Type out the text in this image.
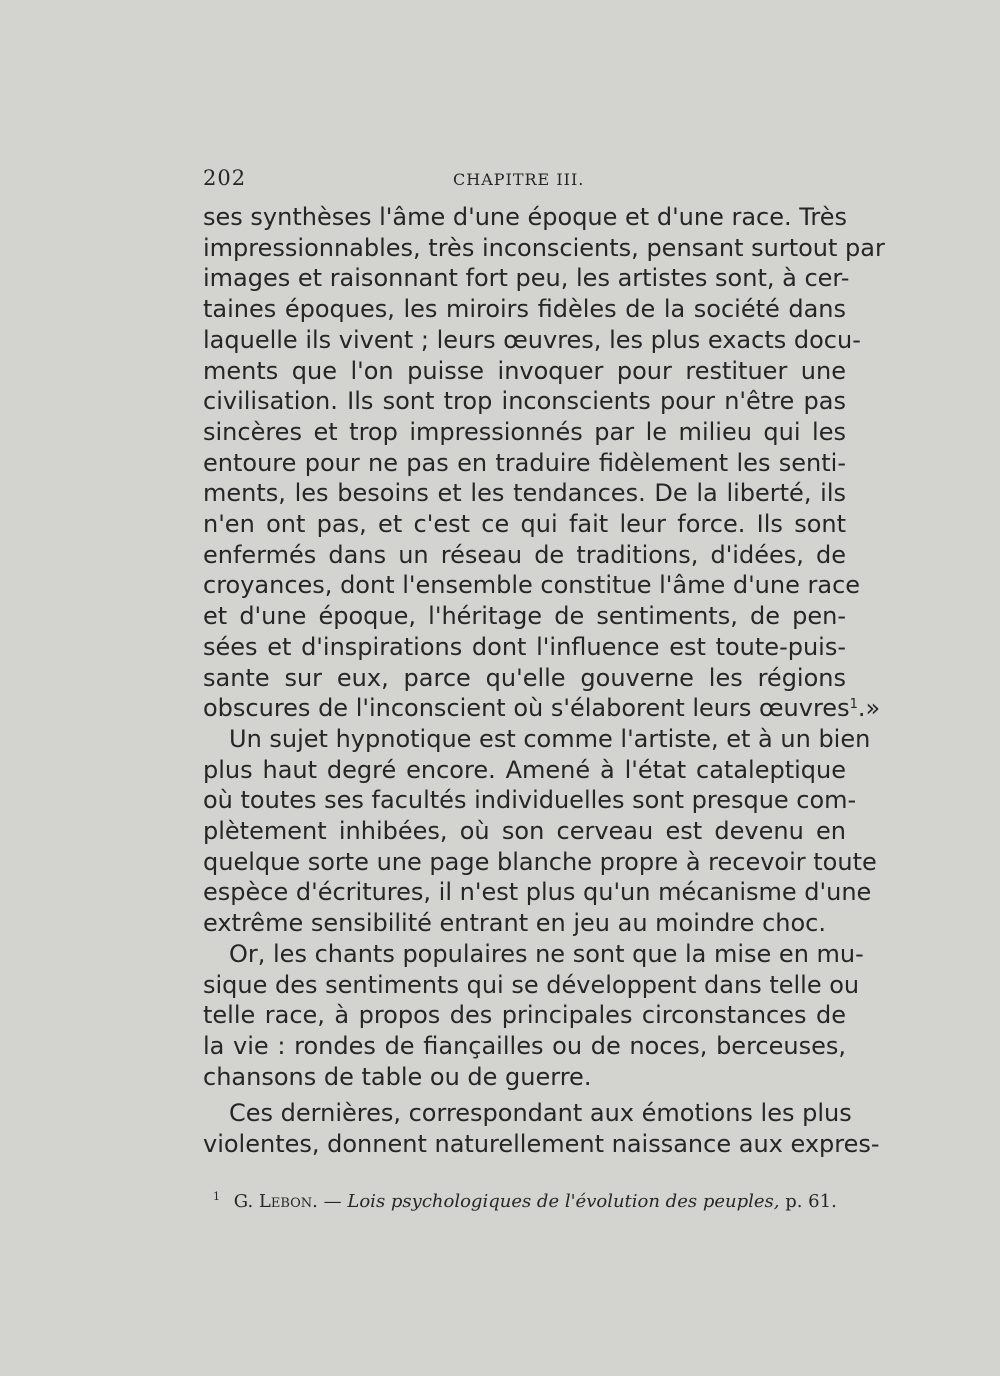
202	CHAPITRE III.
ses synthèses l'âme d'une époque et d'une race. Très
impressionnables, très inconscients, pensant surtout par
images et raisonnant fort peu, les artistes sont, à cer-
taines époques, les miroirs fidèles de la société dans
laquelle ils vivent ; leurs œuvres, les plus exacts docu-
ments que l'on puisse invoquer pour restituer une
civilisation. Ils sont trop inconscients pour n'être pas
sincères et trop impressionnés par le milieu qui les
entoure pour ne pas en traduire fidèlement les senti-
ments, les besoins et les tendances. De la liberté, ils
n'en ont pas, et c'est ce qui fait leur force. Ils sont
enfermés dans un réseau de traditions, d'idées, de
croyances, dont l'ensemble constitue l'âme d'une race
et d'une époque, l'héritage de sentiments, de pen-
sées et d'inspirations dont l'influence est toute-puis-
sante sur eux, parce qu'elle gouverne les régions
obscures de l'inconscient où s'élaborent leurs œuvres$^1$.»
Un sujet hypnotique est comme l'artiste, et à un bien
plus haut degré encore. Amené à l'état cataleptique
où toutes ses facultés individuelles sont presque com-
plètement inhibées, où son cerveau est devenu en
quelque sorte une page blanche propre à recevoir toute
espèce d'écritures, il n'est plus qu'un mécanisme d'une
extrême sensibilité entrant en jeu au moindre choc.
Or, les chants populaires ne sont que la mise en mu-
sique des sentiments qui se développent dans telle ou
telle race, à propos des principales circonstances de
la vie : rondes de fiançailles ou de noces, berceuses,
chansons de table ou de guerre.
Ces dernières, correspondant aux émotions les plus
violentes, donnent naturellement naissance aux expres-
$^1$ G. Lebon. — Lois psychologiques de l'évolution des peuples, p. 61.
